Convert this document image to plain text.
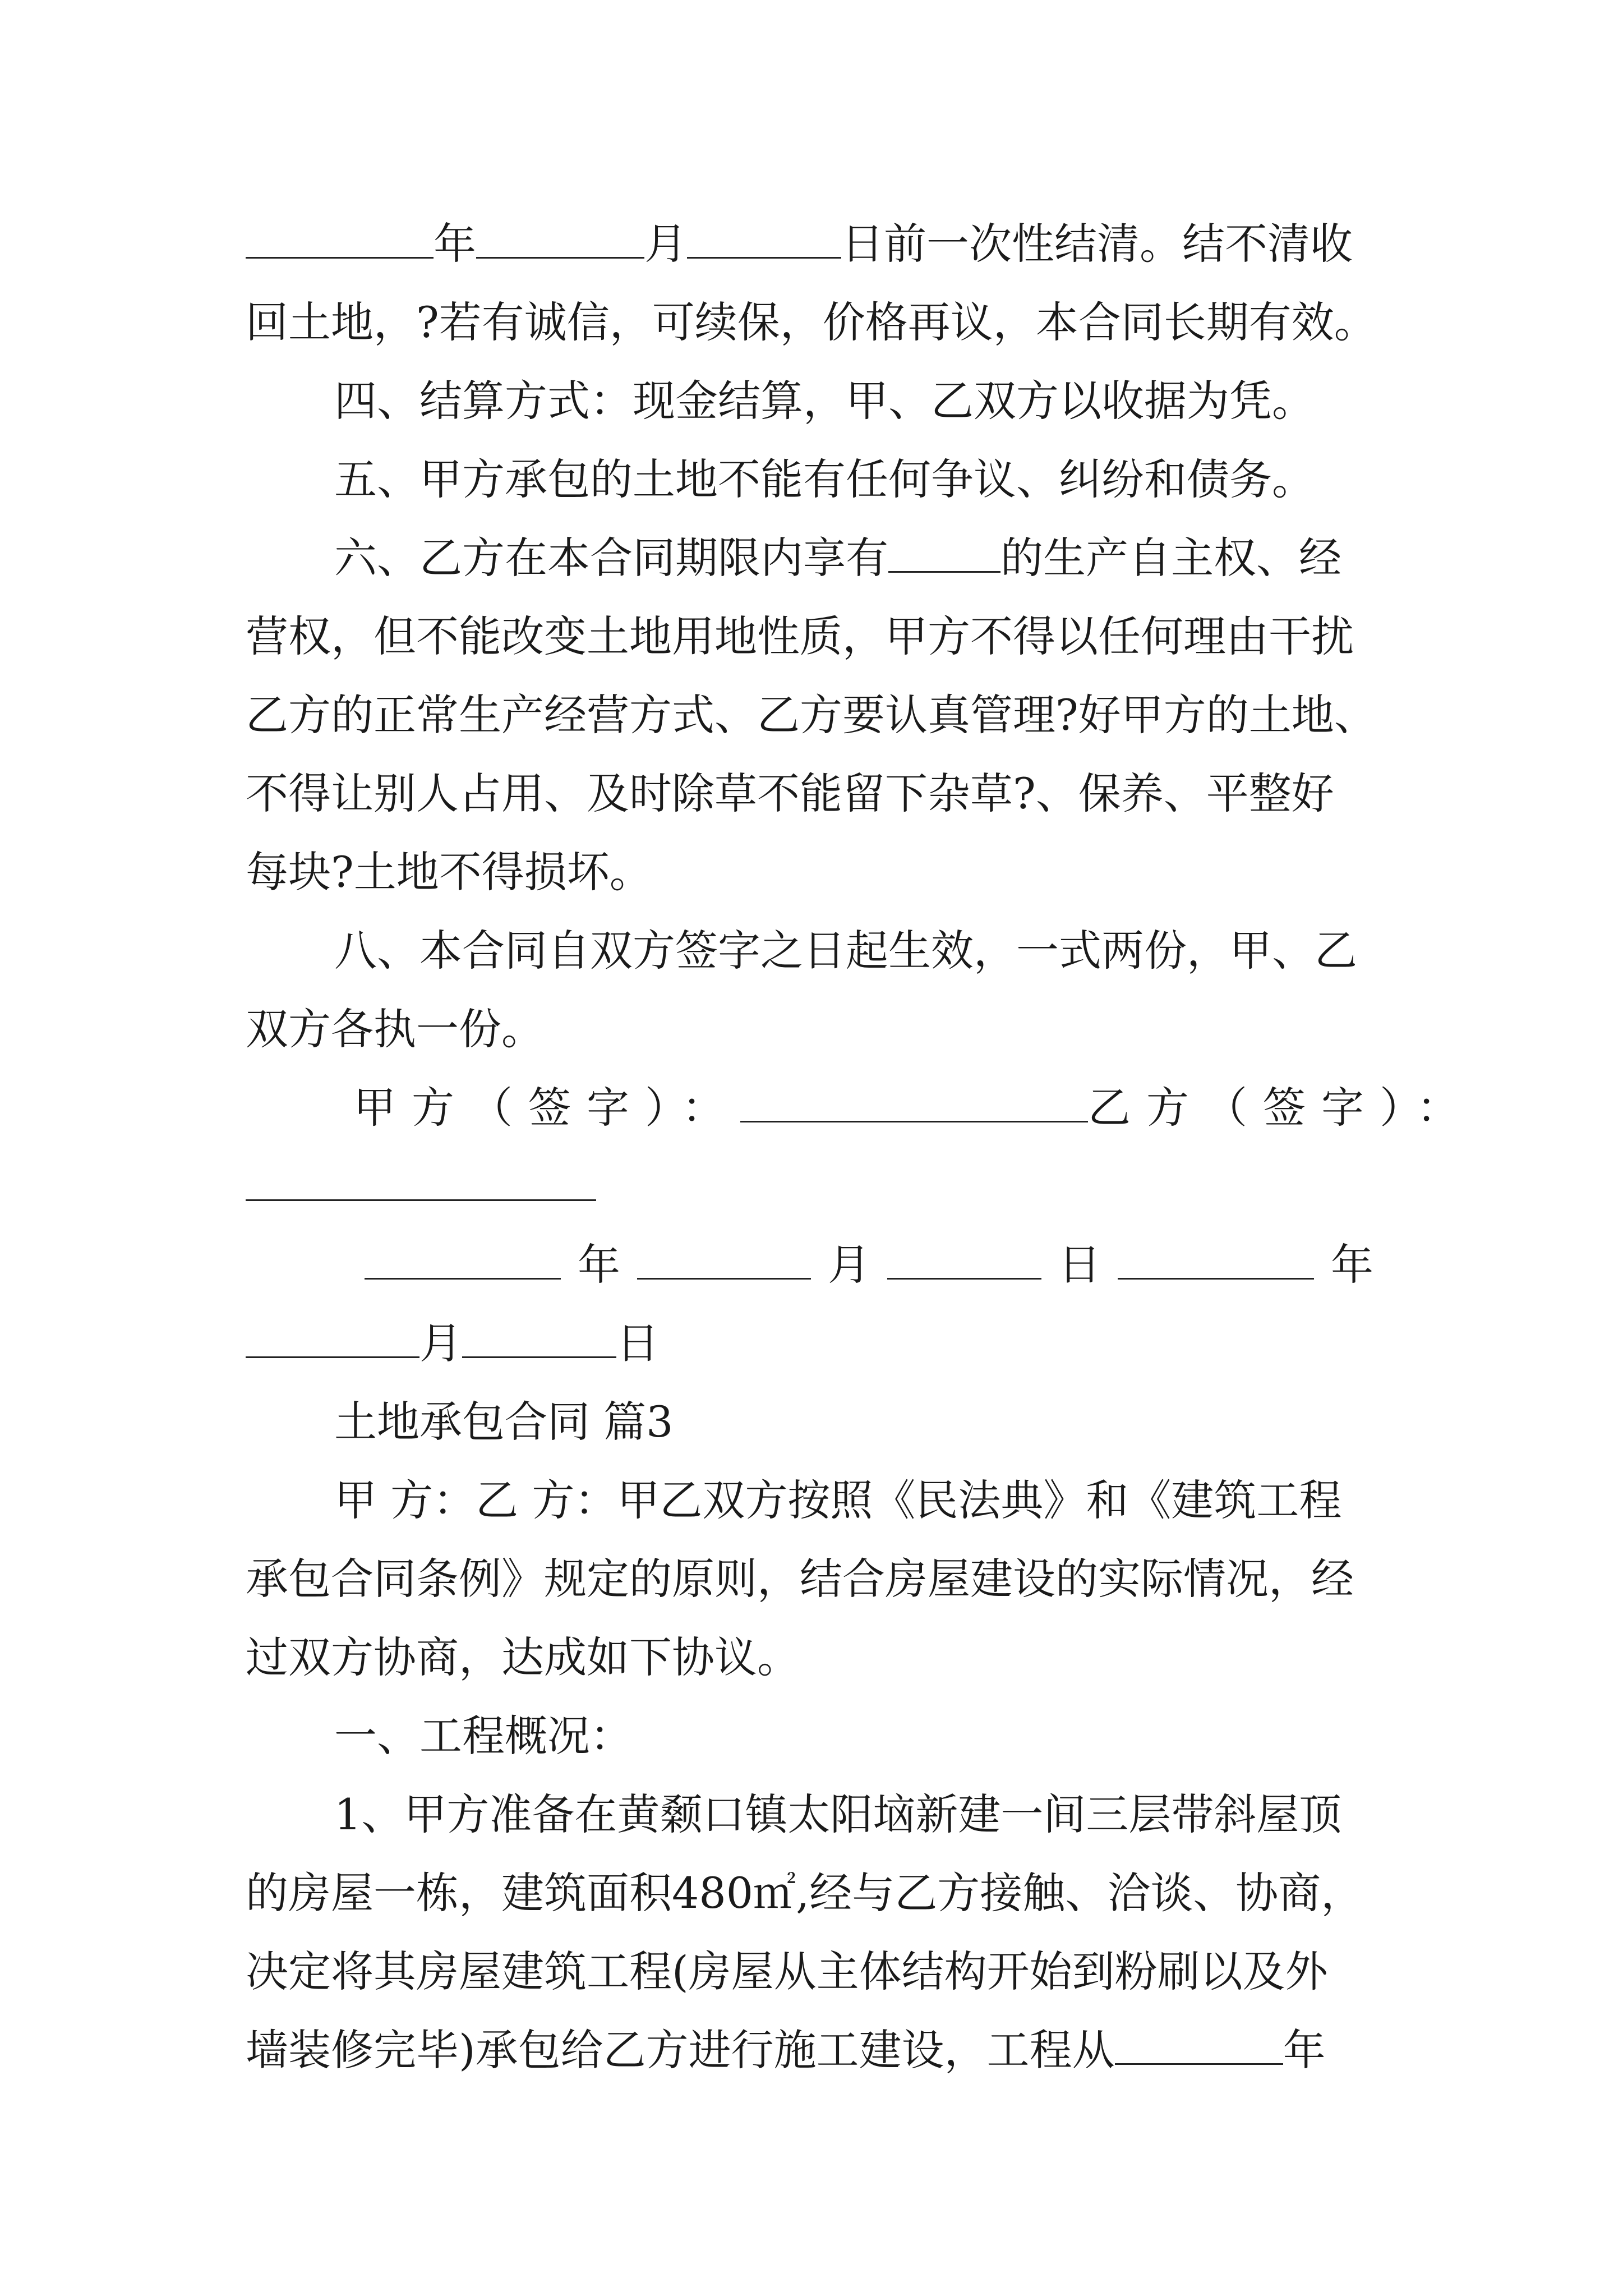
年	月	日前一次性结清。结不清收
回土地，?若有诚信，可续保，价格再议，本合同长期有效。
四、结算方式：现金结算，甲、乙双方以收据为凭。
五、甲方承包的土地不能有任何争议、纠纷和债务。
六、乙方在本合同期限内享有	的生产自主权、经
营权，但不能改变土地用地性质，甲方不得以任何理由干扰
乙方的正常生产经营方式、乙方要认真管理?好甲方的土地、
不得让别人占用、及时除草不能留下杂草?、保养、平整好
每块?土地不得损坏。
八、本合同自双方签字之日起生效，一式两份，甲、乙
双方各执一份。
甲方（签字）：	乙方（签字）：
年	月	日	年
月	日
土地承包合同 篇3
甲 方：乙 方：甲乙双方按照《民法典》和《建筑工程
承包合同条例》规定的原则，结合房屋建设的实际情况，经
过双方协商，达成如下协议。
一、工程概况：
1、甲方准备在黄颡口镇太阳垴新建一间三层带斜屋顶
的房屋一栋，建筑面积480㎡,经与乙方接触、洽谈、协商，
决定将其房屋建筑工程(房屋从主体结构开始到粉刷以及外
墙装修完毕)承包给乙方进行施工建设，工程从	年
